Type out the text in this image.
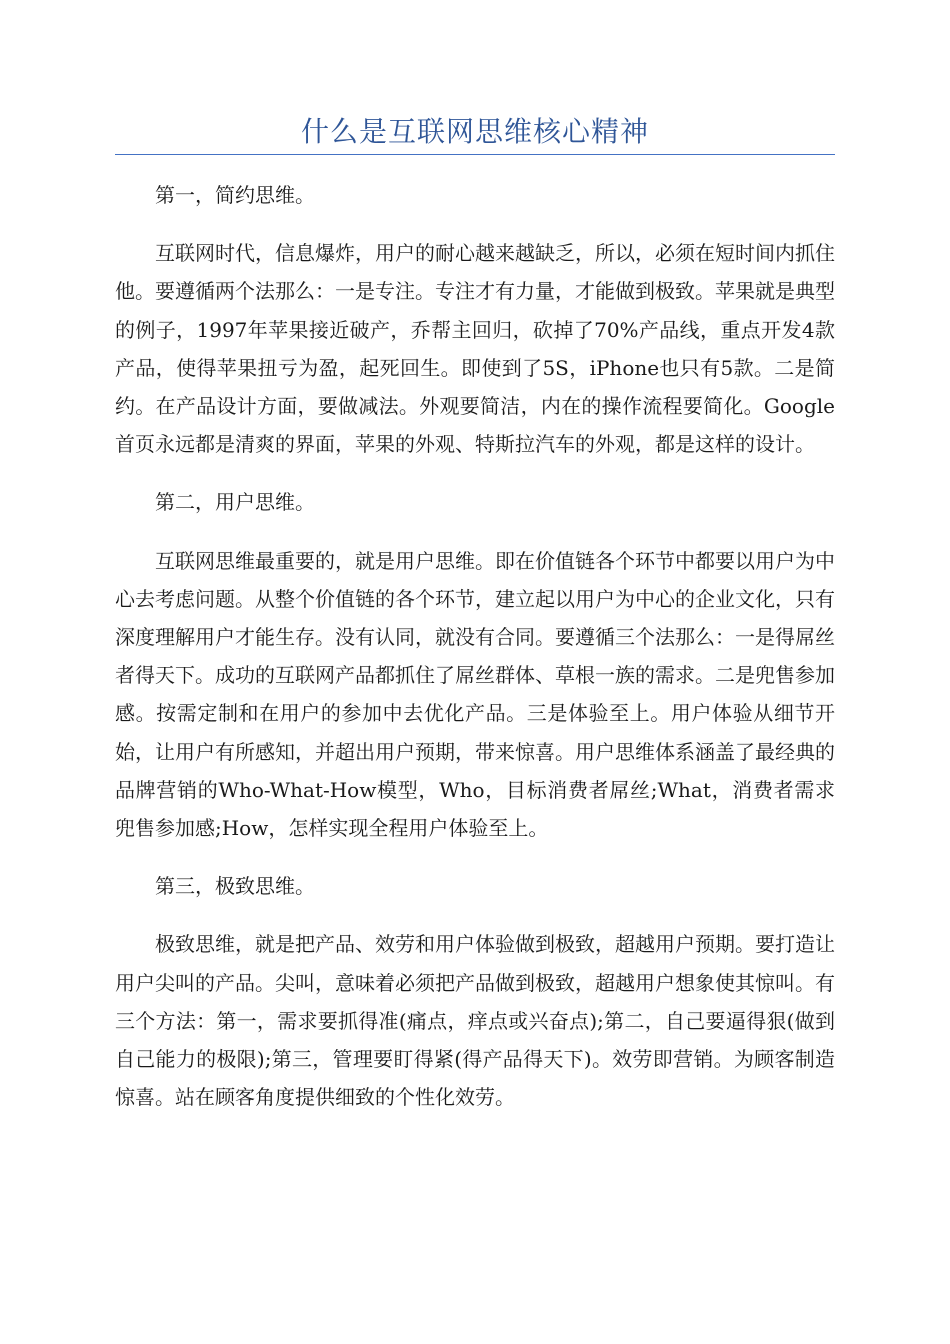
什么是互联网思维核心精神

第一，简约思维。

互联网时代，信息爆炸，用户的耐心越来越缺乏，所以，必须在短时间内抓住他。要遵循两个法那么：一是专注。专注才有力量，才能做到极致。苹果就是典型的例子，1997年苹果接近破产，乔帮主回归，砍掉了70%产品线，重点开发4款产品，使得苹果扭亏为盈，起死回生。即使到了5S，iPhone也只有5款。二是简约。在产品设计方面，要做减法。外观要简洁，内在的操作流程要简化。Google首页永远都是清爽的界面，苹果的外观、特斯拉汽车的外观，都是这样的设计。

第二，用户思维。

互联网思维最重要的，就是用户思维。即在价值链各个环节中都要以用户为中心去考虑问题。从整个价值链的各个环节，建立起以用户为中心的企业文化，只有深度理解用户才能生存。没有认同，就没有合同。要遵循三个法那么：一是得屌丝者得天下。成功的互联网产品都抓住了屌丝群体、草根一族的需求。二是兜售参加感。按需定制和在用户的参加中去优化产品。三是体验至上。用户体验从细节开始，让用户有所感知，并超出用户预期，带来惊喜。用户思维体系涵盖了最经典的品牌营销的Who-What-How模型，Who，目标消费者屌丝;What，消费者需求兜售参加感;How，怎样实现全程用户体验至上。

第三，极致思维。

极致思维，就是把产品、效劳和用户体验做到极致，超越用户预期。要打造让用户尖叫的产品。尖叫，意味着必须把产品做到极致，超越用户想象使其惊叫。有三个方法：第一，需求要抓得准(痛点，痒点或兴奋点);第二，自己要逼得狠(做到自己能力的极限);第三，管理要盯得紧(得产品得天下)。效劳即营销。为顾客制造惊喜。站在顾客角度提供细致的个性化效劳。
